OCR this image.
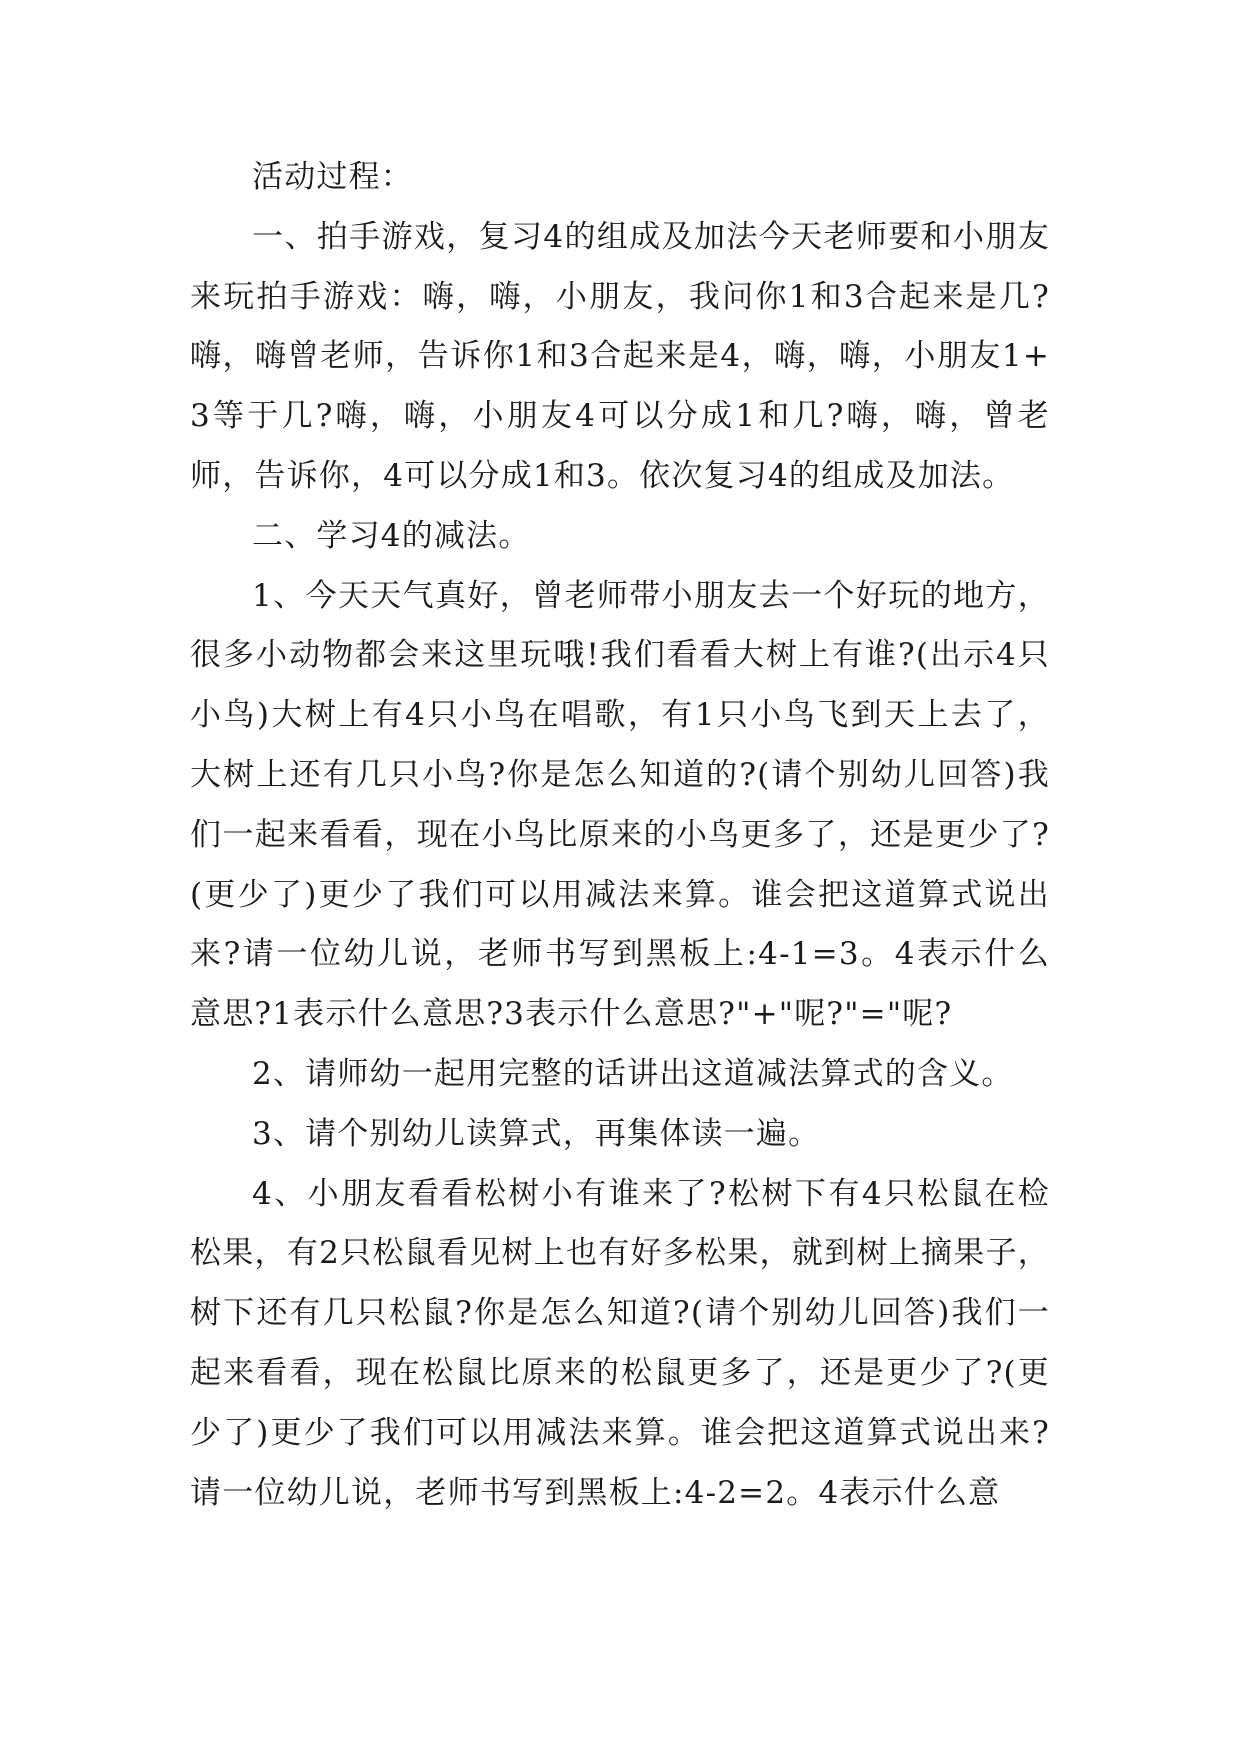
活动过程：

一、拍手游戏，复习4的组成及加法今天老师要和小朋友来玩拍手游戏：嗨，嗨，小朋友，我问你1和3合起来是几?嗨，嗨曾老师，告诉你1和3合起来是4，嗨，嗨，小朋友1+3等于几?嗨，嗨，小朋友4可以分成1和几?嗨，嗨，曾老师，告诉你，4可以分成1和3。依次复习4的组成及加法。

二、学习4的减法。

1、今天天气真好，曾老师带小朋友去一个好玩的地方，很多小动物都会来这里玩哦!我们看看大树上有谁?(出示4只小鸟)大树上有4只小鸟在唱歌，有1只小鸟飞到天上去了，大树上还有几只小鸟?你是怎么知道的?(请个别幼儿回答)我们一起来看看，现在小鸟比原来的小鸟更多了，还是更少了?(更少了)更少了我们可以用减法来算。谁会把这道算式说出来?请一位幼儿说，老师书写到黑板上:4-1=3。4表示什么意思?1表示什么意思?3表示什么意思?"+"呢?"="呢?

2、请师幼一起用完整的话讲出这道减法算式的含义。

3、请个别幼儿读算式，再集体读一遍。

4、小朋友看看松树小有谁来了?松树下有4只松鼠在检松果，有2只松鼠看见树上也有好多松果，就到树上摘果子，树下还有几只松鼠?你是怎么知道?(请个别幼儿回答)我们一起来看看，现在松鼠比原来的松鼠更多了，还是更少了?(更少了)更少了我们可以用减法来算。谁会把这道算式说出来?请一位幼儿说，老师书写到黑板上:4-2=2。4表示什么意
